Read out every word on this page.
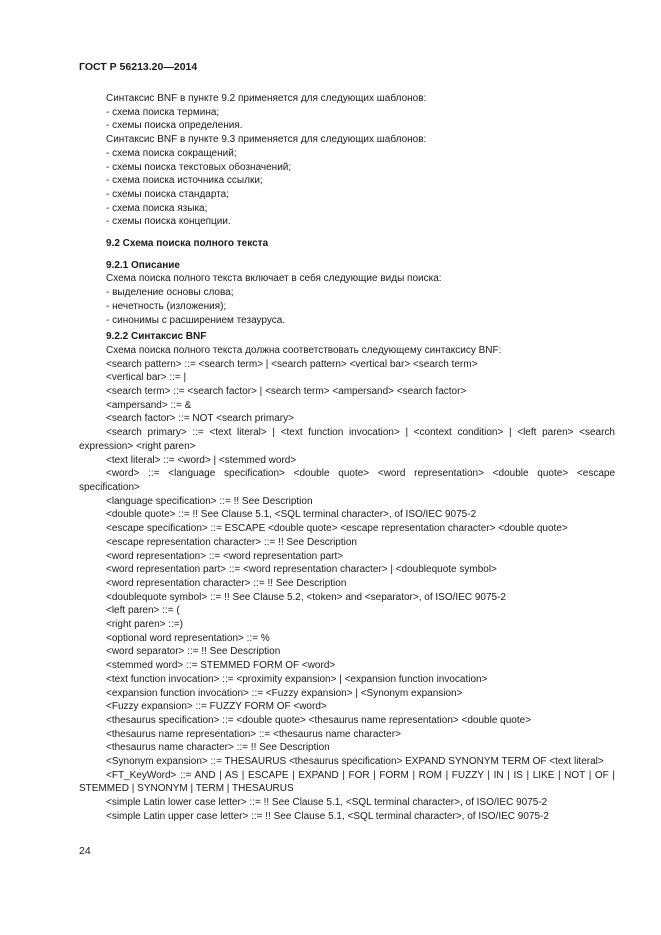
ГОСТ Р 56213.20—2014

Синтаксис BNF в пункте 9.2 применяется для следующих шаблонов:

- схема поиска термина;

- схемы поиска определения.

Синтаксис BNF в пункте 9.3 применяется для следующих шаблонов:

- схема поиска сокращений;

- схемы поиска текстовых обозначений;

- схема поиска источника ссылки;

- схемы поиска стандарта;

- схема поиска языка;

- схемы поиска концепции.

9.2 Схема поиска полного текста
9.2.1 Описание

Схема поиска полного текста включает в себя следующие виды поиска:

- выделение основы слова;

- нечетность (изложения);

- синонимы с расширением тезауруса.

9.2.2 Синтаксис BNF

Схема поиска полного текста должна соответствовать следующему синтаксису BNF:

<search pattern> ::= <search term> | <search pattern> <vertical bar> <search term>

<vertical bar> ::= |

<search term> ::= <search factor> | <search term> <ampersand> <search factor>

<ampersand> ::= &

<search factor> ::= NOT <search primary>

<search primary> ::= <text literal> | <text function invocation> | <context condition> | <left paren> <search expression> <right paren>

<text literal> ::= <word> | <stemmed word>

<word> ::= <language specification> <double quote> <word representation> <double quote> <escape specification>

<language specification> ::= !! See Description

<double quote> ::= !! See Clause 5.1, <SQL terminal character>, of ISO/IEC 9075-2

<escape specification> ::= ESCAPE <double quote> <escape representation character> <double quote>

<escape representation character> ::= !! See Description

<word representation> ::= <word representation part>

<word representation part> ::= <word representation character> | <doublequote symbol>

<word representation character> ::= !! See Description

<doublequote symbol> ::= !! See Clause 5.2, <token> and <separator>, of ISO/IEC 9075-2

<left paren> ::= (

<right paren> ::=)

<optional word representation> ::= %

<word separator> ::= !! See Description

<stemmed word> ::= STEMMED FORM OF <word>

<text function invocation> ::= <proximity expansion> | <expansion function invocation>

<expansion function invocation> ::= <Fuzzy expansion> | <Synonym expansion>

<Fuzzy expansion> ::= FUZZY FORM OF <word>

<thesaurus specification> ::= <double quote> <thesaurus name representation> <double quote>

<thesaurus name representation> ::= <thesaurus name character>

<thesaurus name character> ::= !! See Description

<Synonym expansion> ::= THESAURUS <thesaurus specification> EXPAND SYNONYM TERM OF <text literal>

<FT_KeyWord> ::= AND | AS | ESCAPE | EXPAND | FOR | FORM | ROM | FUZZY | IN | IS | LIKE | NOT | OF | STEMMED | SYNONYM | TERM | THESAURUS

<simple Latin lower case letter> ::= !! See Clause 5.1, <SQL terminal character>, of ISO/IEC 9075-2

<simple Latin upper case letter> ::= !! See Clause 5.1, <SQL terminal character>, of ISO/IEC 9075-2

24
